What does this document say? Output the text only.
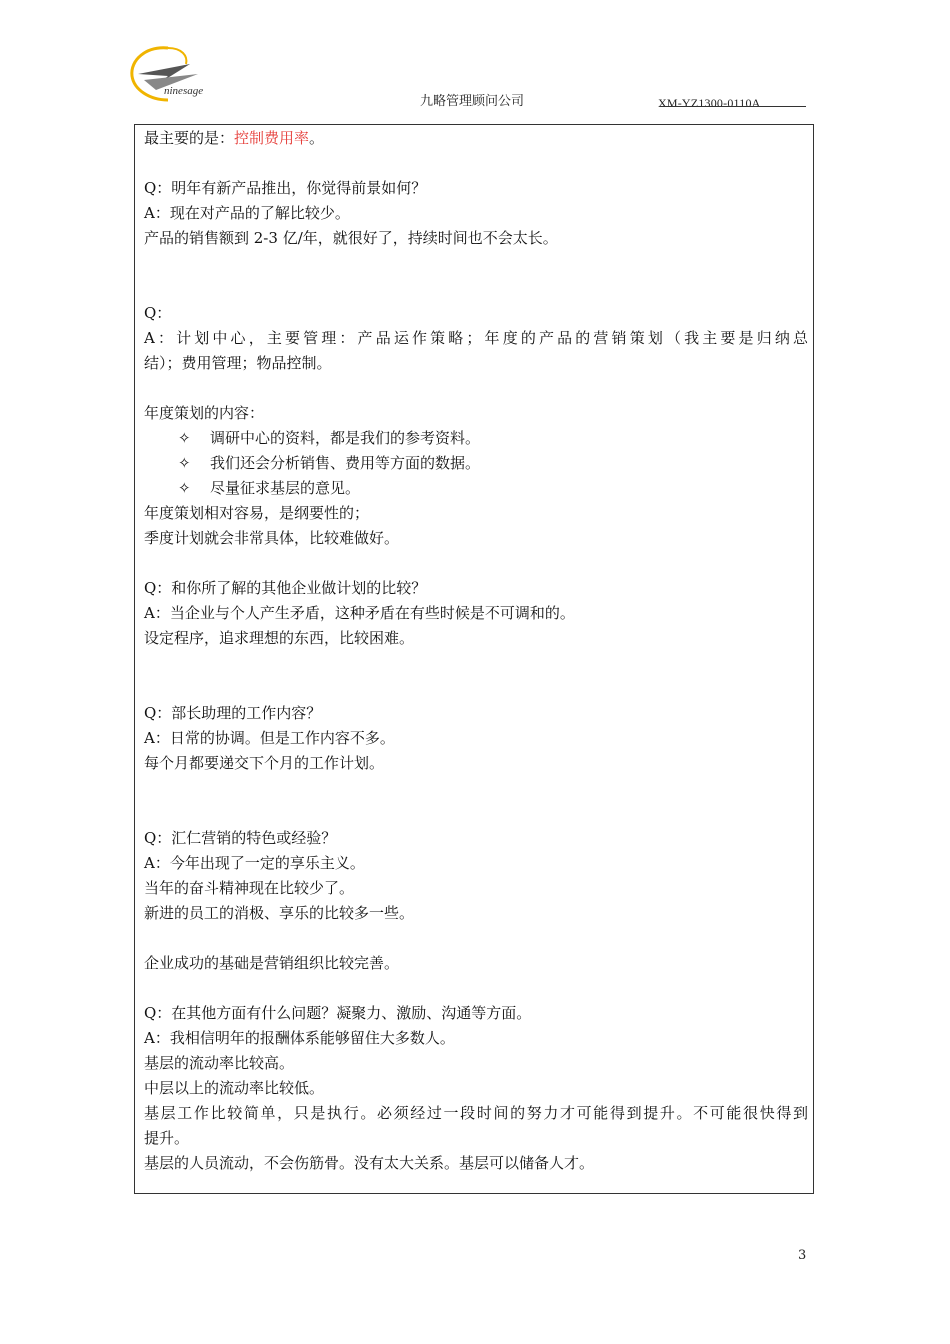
ninesage
九略管理顾问公司	XM-YZ1300-0110A
最主要的是：控制费用率。
Q：明年有新产品推出，你觉得前景如何？
A：现在对产品的了解比较少。
产品的销售额到 2-3 亿/年，就很好了，持续时间也不会太长。
Q：
A：计划中心，主要管理：产品运作策略；年度的产品的营销策划（我主要是归纳总
结）；费用管理；物品控制。
年度策划的内容：
✧ 调研中心的资料，都是我们的参考资料。
✧ 我们还会分析销售、费用等方面的数据。
✧ 尽量征求基层的意见。
年度策划相对容易，是纲要性的；
季度计划就会非常具体，比较难做好。
Q：和你所了解的其他企业做计划的比较？
A：当企业与个人产生矛盾，这种矛盾在有些时候是不可调和的。
设定程序，追求理想的东西，比较困难。
Q：部长助理的工作内容？
A：日常的协调。但是工作内容不多。
每个月都要递交下个月的工作计划。
Q：汇仁营销的特色或经验？
A：今年出现了一定的享乐主义。
当年的奋斗精神现在比较少了。
新进的员工的消极、享乐的比较多一些。
企业成功的基础是营销组织比较完善。
Q：在其他方面有什么问题？凝聚力、激励、沟通等方面。
A：我相信明年的报酬体系能够留住大多数人。
基层的流动率比较高。
中层以上的流动率比较低。
基层工作比较简单，只是执行。必须经过一段时间的努力才可能得到提升。不可能很快得到
提升。
基层的人员流动，不会伤筋骨。没有太大关系。基层可以储备人才。
3
